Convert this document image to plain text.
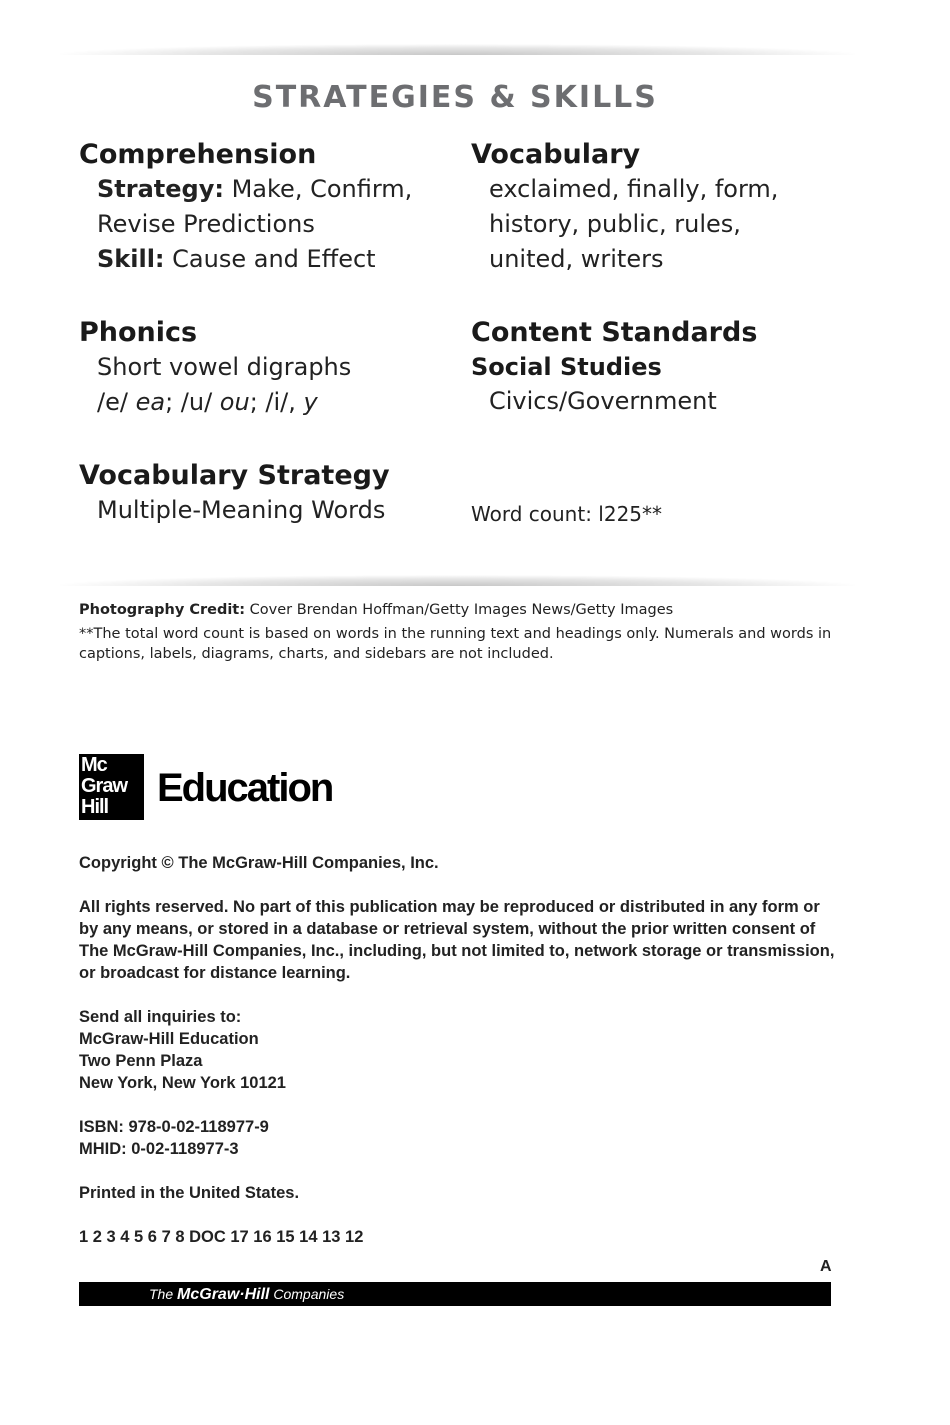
STRATEGIES & SKILLS
Comprehension
Strategy: Make, Confirm,
Revise Predictions
Skill: Cause and Effect
Phonics
Short vowel digraphs
/e/ ea; /u/ ou; /i/, y
Vocabulary Strategy
Multiple-Meaning Words
Vocabulary
exclaimed, finally, form,
history, public, rules,
united, writers
Content Standards
Social Studies
Civics/Government
Word count: l225**

Photography Credit: Cover Brendan Hoffman/Getty Images News/Getty Images

**The total word count is based on words in the running text and headings only. Numerals and words in captions, labels, diagrams, charts, and sidebars are not included.

Mc
Graw
Hill	Education

Copyright © The McGraw-Hill Companies, Inc.

All rights reserved. No part of this publication may be reproduced or distributed in any form or by any means, or stored in a database or retrieval system, without the prior written consent of The McGraw-Hill Companies, Inc., including, but not limited to, network storage or transmission, or broadcast for distance learning.

Send all inquiries to:
McGraw-Hill Education
Two Penn Plaza
New York, New York 10121

ISBN: 978-0-02-118977-9
MHID: 0-02-118977-3

Printed in the United States.

1 2 3 4 5 6 7 8 DOC 17 16 15 14 13 12

A
The McGraw·Hill Companies
